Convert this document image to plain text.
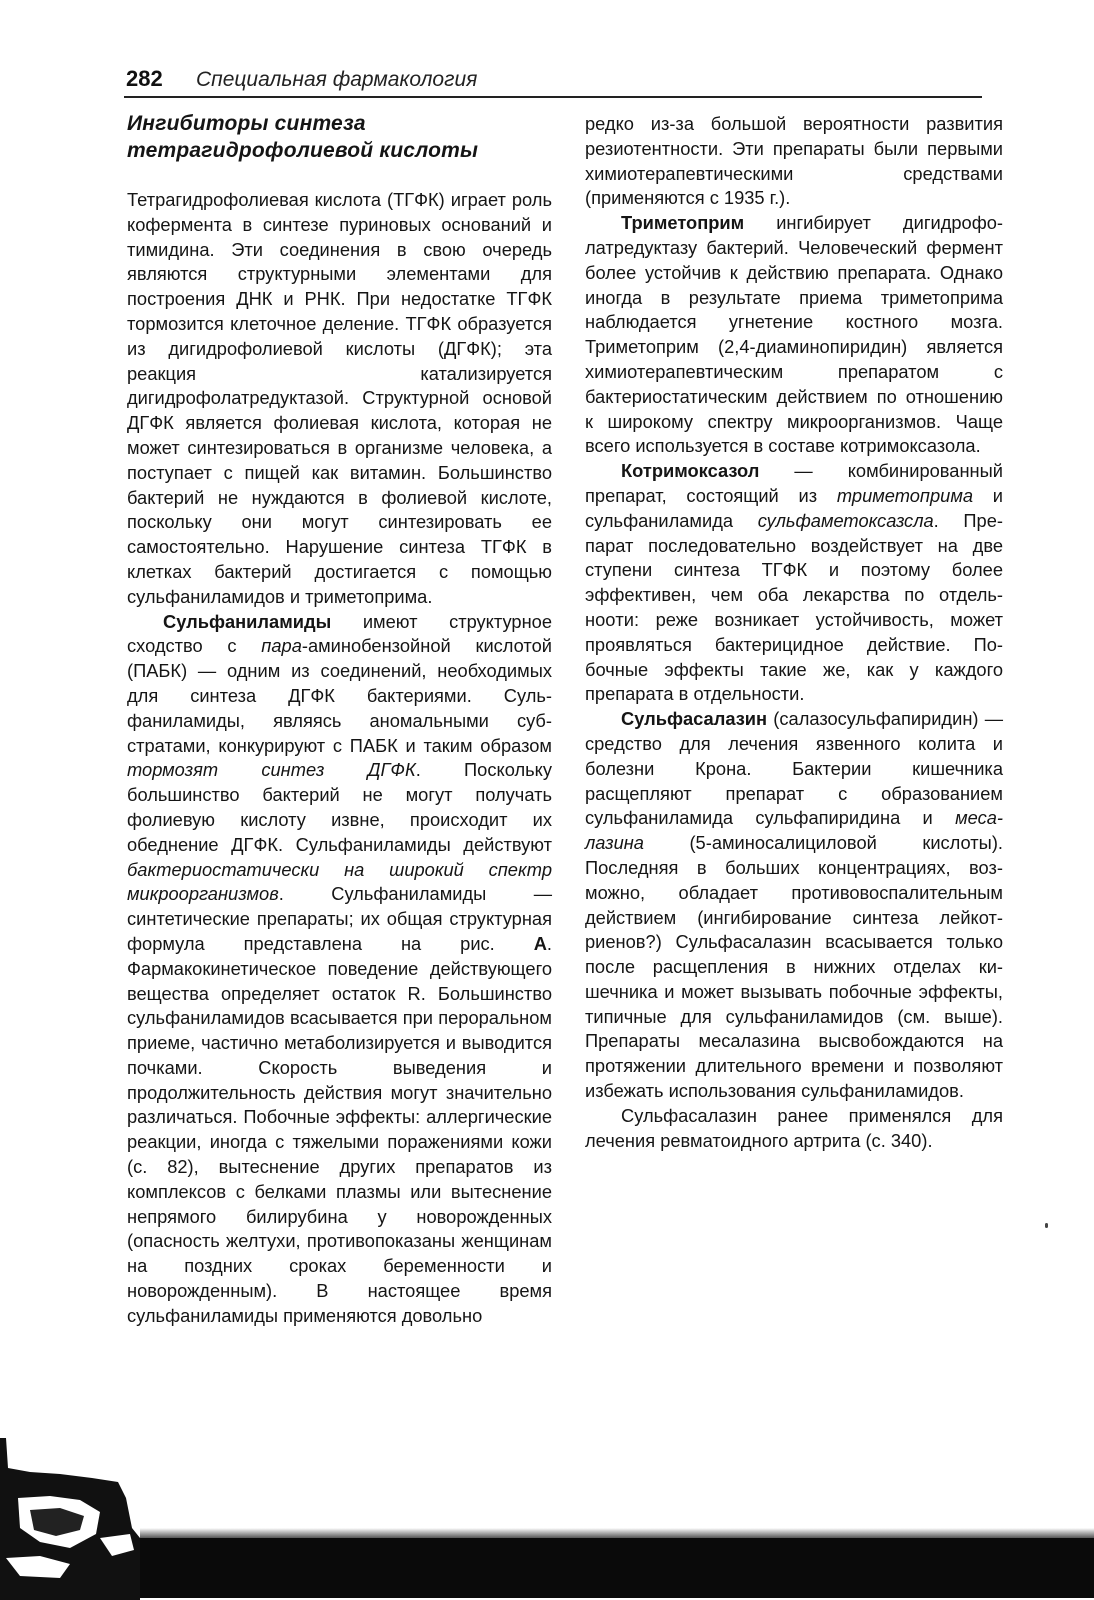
282 Специальная фармакология
Ингибиторы синтеза
тетрагидрофолиевой кислоты

Тетрагидрофолиевая кислота (ТГФК) играет роль кофермента в синтезе пуриновых оснований и тимидина. Эти соединения в свою очередь являются структурными элементами для построения ДНК и РНК. При недостатке ТГФК тормозится клеточное деление. ТГФК образуется из дигидрофолиевой кислоты (ДГФК); эта реакция катализируется дигидрофолатредуктазой. Структурной основой ДГФК является фолиевая кислота, которая не может синтезироваться в организме человека, а поступает с пищей как витамин. Большинство бактерий не нуждаются в фолиевой кислоте, поскольку они могут синтезировать ее самостоятельно. Нарушение синтеза ТГФК в клетках бактерий достигается с помощью сульфаниламидов и триметоприма.

Сульфаниламиды имеют структурное сходство с пара-аминобензойной кислотой (ПАБК) — одним из соединений, необходимых для синтеза ДГФК бактериями. Сульфаниламиды, являясь аномальными субстратами, конкурируют с ПАБК и таким образом тормозят синтез ДГФК. Поскольку большинство бактерий не могут получать фолиевую кислоту извне, происходит их обеднение ДГФК. Сульфаниламиды действуют бактериостатически на широкий спектр микроорганизмов. Сульфаниламиды — синтетические препараты; их общая структурная формула представлена на рис. А. Фармакокинетическое поведение действующего вещества определяет остаток R. Большинство сульфаниламидов всасывается при пероральном приеме, частично метаболизируется и выводится почками. Скорость выведения и продолжительность действия могут значительно различаться. Побочные эффекты: аллергические реакции, иногда с тяжелыми поражениями кожи (с. 82), вытеснение других препаратов из комплексов с белками плазмы или вытеснение непрямого билирубина у новорожденных (опасность желтухи, противопоказаны женщинам на поздних сроках беременности и новорожденным). В настоящее время сульфаниламиды применяются довольно

редко из-за большой вероятности развития резиотентности. Эти препараты были первыми химиотерапевтическими средствами (применяются с 1935 г.).

Триметоприм ингибирует дигидрофолатредуктазу бактерий. Человеческий фермент более устойчив к действию препарата. Однако иногда в результате приема триметоприма наблюдается угнетение костного мозга. Триметоприм (2,4-диаминопиридин) является химиотерапевтическим препаратом с бактериостатическим действием по отношению к широкому спектру микроорганизмов. Чаще всего используется в составе котримоксазола.

Котримоксазол — комбинированный препарат, состоящий из триметоприма и сульфаниламида сульфаметоксазсла. Препарат последовательно воздействует на две ступени синтеза ТГФК и поэтому более эффективен, чем оба лекарства по отдельноoти: реже возникает устойчивость, может проявляться бактерицидное действие. Побочные эффекты такие же, как у каждого препарата в отдельности.

Сульфасалазин (салазосульфапиридин) — средство для лечения язвенного колита и болезни Крона. Бактерии кишечника расщепляют препарат с образованием сульфаниламида сульфапиридина и месалазина (5-аминосалициловой кислоты). Последняя в больших концентрациях, возможно, обладает противовоспалительным действием (ингибирование синтеза лейкотриенов?) Сульфасалазин всасывается только после расщепления в нижних отделах кишечника и может вызывать побочные эффекты, типичные для сульфаниламидов (см. выше). Препараты месалазина высвобождаются на протяжении длительного времени и позволяют избежать использования сульфаниламидов.

Сульфасалазин ранее применялся для лечения ревматоидного артрита (с. 340).
